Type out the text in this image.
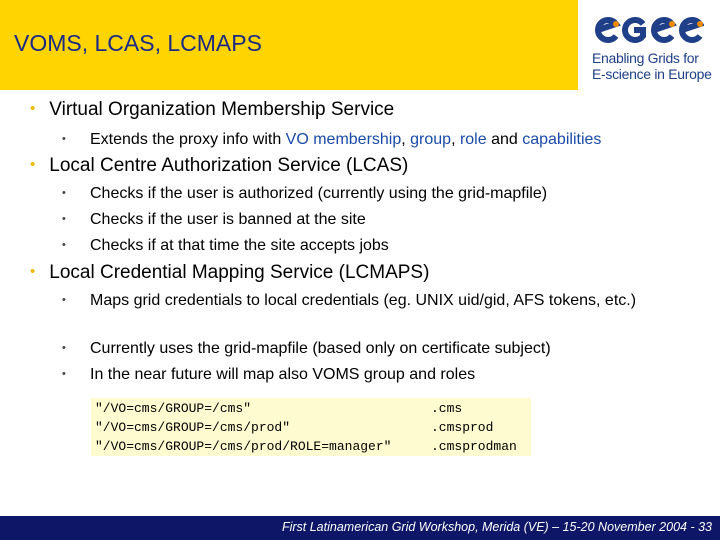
VOMS, LCAS, LCMAPS
Enabling Grids for
E-science in Europe
• Virtual Organization Membership Service
• Extends the proxy info with VO membership, group, role and capabilities
• Local Centre Authorization Service (LCAS)
• Checks if the user is authorized (currently using the grid-mapfile)
• Checks if the user is banned at the site
• Checks if at that time the site accepts jobs
• Local Credential Mapping Service (LCMAPS)
• Maps grid credentials to local credentials (eg. UNIX uid/gid, AFS tokens, etc.)
• Currently uses the grid-mapfile (based only on certificate subject)
• In the near future will map also VOMS group and roles
"/VO=cms/GROUP=/cms"
"/VO=cms/GROUP=/cms/prod"
"/VO=cms/GROUP=/cms/prod/ROLE=manager"
.cms
.cmsprod
.cmsprodman
First Latinamerican Grid Workshop, Merida (VE) – 15-20 November 2004 - 33
